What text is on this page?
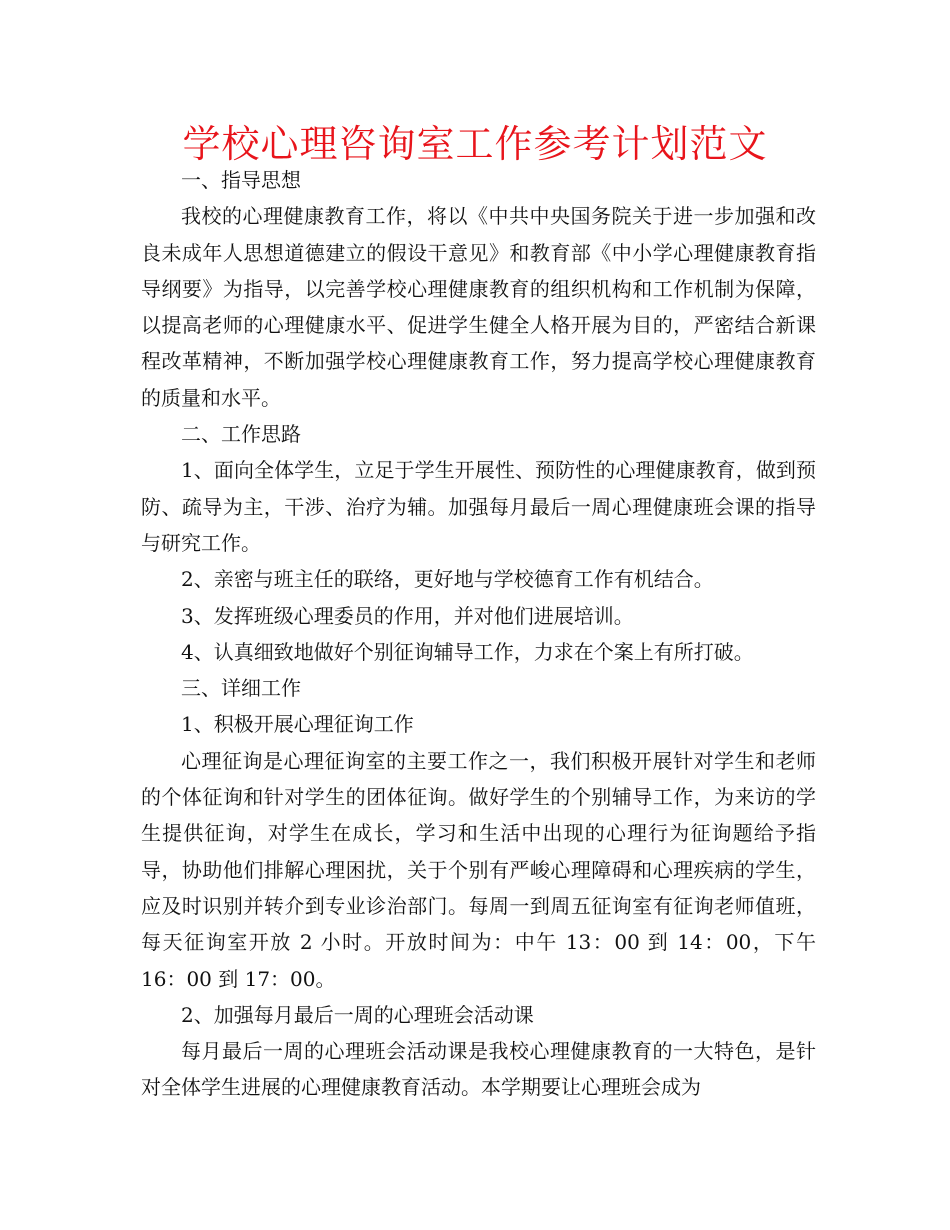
学校心理咨询室工作参考计划范文

一、指导思想

我校的心理健康教育工作，将以《中共中央国务院关于进一步加强和改良未成年人思想道德建立的假设干意见》和教育部《中小学心理健康教育指导纲要》为指导，以完善学校心理健康教育的组织机构和工作机制为保障，以提高老师的心理健康水平、促进学生健全人格开展为目的，严密结合新课程改革精神，不断加强学校心理健康教育工作，努力提高学校心理健康教育的质量和水平。

二、工作思路

1、面向全体学生，立足于学生开展性、预防性的心理健康教育，做到预防、疏导为主，干涉、治疗为辅。加强每月最后一周心理健康班会课的指导与研究工作。

2、亲密与班主任的联络，更好地与学校德育工作有机结合。

3、发挥班级心理委员的作用，并对他们进展培训。

4、认真细致地做好个别征询辅导工作，力求在个案上有所打破。

三、详细工作

1、积极开展心理征询工作

心理征询是心理征询室的主要工作之一，我们积极开展针对学生和老师的个体征询和针对学生的团体征询。做好学生的个别辅导工作，为来访的学生提供征询，对学生在成长，学习和生活中出现的心理行为征询题给予指导，协助他们排解心理困扰，关于个别有严峻心理障碍和心理疾病的学生，应及时识别并转介到专业诊治部门。每周一到周五征询室有征询老师值班，每天征询室开放 2 小时。开放时间为：中午 13：00 到 14：00，下午 16：00 到 17：00。

2、加强每月最后一周的心理班会活动课

每月最后一周的心理班会活动课是我校心理健康教育的一大特色，是针对全体学生进展的心理健康教育活动。本学期要让心理班会成为
